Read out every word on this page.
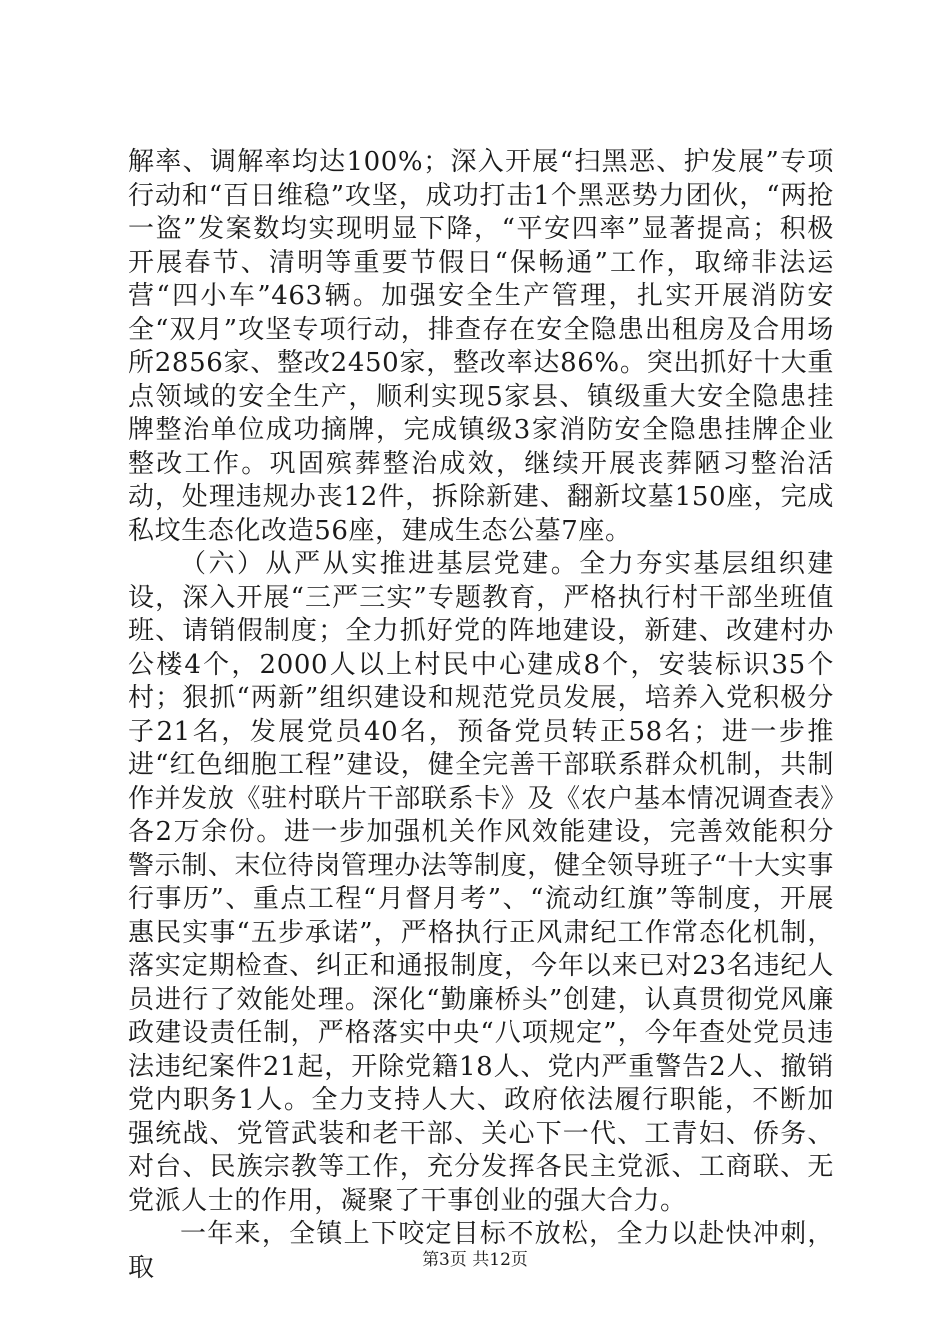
解率、调解率均达100%；深入开展“扫黑恶、护发展”专项行动和“百日维稳”攻坚，成功打击1个黑恶势力团伙，“两抢一盗”发案数均实现明显下降，“平安四率”显著提高；积极开展春节、清明等重要节假日“保畅通”工作，取缔非法运营“四小车”463辆。加强安全生产管理，扎实开展消防安全“双月”攻坚专项行动，排查存在安全隐患出租房及合用场所2856家、整改2450家，整改率达86%。突出抓好十大重点领域的安全生产，顺利实现5家县、镇级重大安全隐患挂牌整治单位成功摘牌，完成镇级3家消防安全隐患挂牌企业整改工作。巩固殡葬整治成效，继续开展丧葬陋习整治活动，处理违规办丧12件，拆除新建、翻新坟墓150座，完成私坟生态化改造56座，建成生态公墓7座。

（六）从严从实推进基层党建。全力夯实基层组织建设，深入开展“三严三实”专题教育，严格执行村干部坐班值班、请销假制度；全力抓好党的阵地建设，新建、改建村办公楼4个，2000人以上村民中心建成8个，安装标识35个村；狠抓“两新”组织建设和规范党员发展，培养入党积极分子21名，发展党员40名，预备党员转正58名；进一步推进“红色细胞工程”建设，健全完善干部联系群众机制，共制作并发放《驻村联片干部联系卡》及《农户基本情况调查表》各2万余份。进一步加强机关作风效能建设，完善效能积分警示制、末位待岗管理办法等制度，健全领导班子“十大实事行事历”、重点工程“月督月考”、“流动红旗”等制度，开展惠民实事“五步承诺”，严格执行正风肃纪工作常态化机制，落实定期检查、纠正和通报制度，今年以来已对23名违纪人员进行了效能处理。深化“勤廉桥头”创建，认真贯彻党风廉政建设责任制，严格落实中央“八项规定”，今年查处党员违法违纪案件21起，开除党籍18人、党内严重警告2人、撤销党内职务1人。全力支持人大、政府依法履行职能，不断加强统战、党管武装和老干部、关心下一代、工青妇、侨务、对台、民族宗教等工作，充分发挥各民主党派、工商联、无党派人士的作用，凝聚了干事创业的强大合力。

一年来，全镇上下咬定目标不放松，全力以赴快冲刺，取	第3页 共12页
